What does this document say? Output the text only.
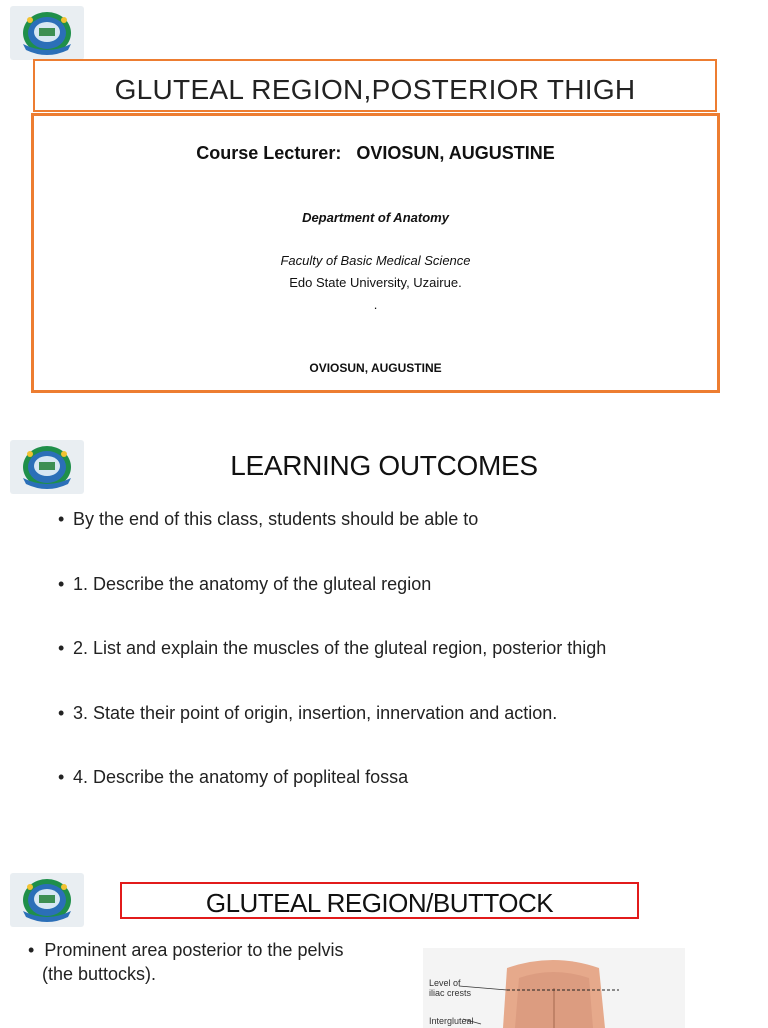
GLUTEAL REGION,POSTERIOR THIGH
Course Lecturer: OVIOSUN, AUGUSTINE
Department of Anatomy
Faculty of Basic Medical Science
Edo State University, Uzairue.
.
OVIOSUN, AUGUSTINE
LEARNING OUTCOMES
• By the end of this class, students should be able to
• 1. Describe the anatomy of the gluteal region
• 2. List and explain the muscles of the gluteal region, posterior thigh
• 3. State their point of origin, insertion, innervation and action.
• 4. Describe the anatomy of popliteal fossa
GLUTEAL REGION/BUTTOCK
•  Prominent area posterior to the pelvis
(the buttocks).	Level of
iliac crests
Intergluteal
